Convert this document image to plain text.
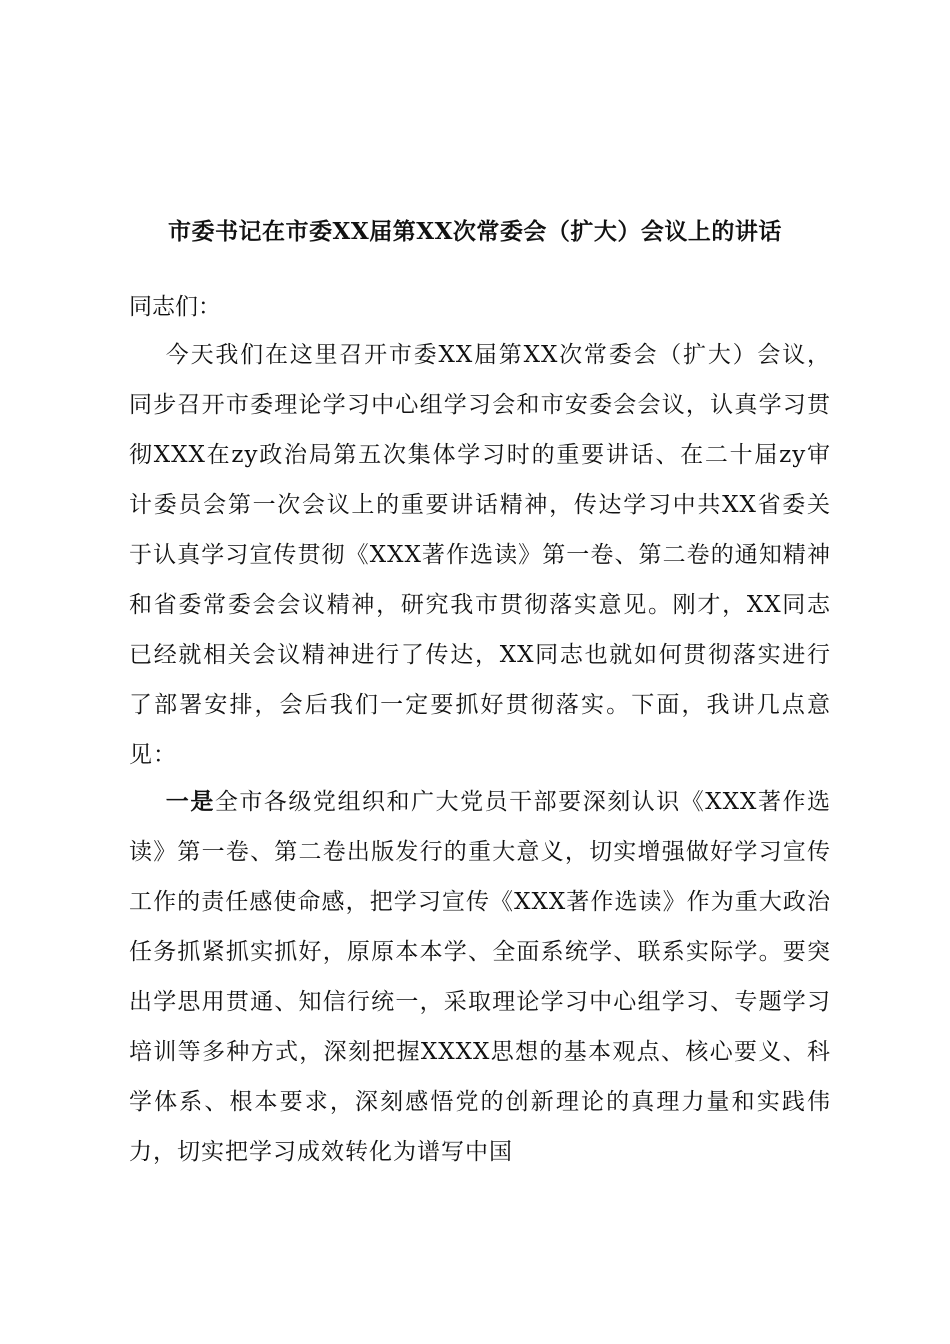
市委书记在市委XX届第XX次常委会（扩大）会议上的讲话
同志们：

今天我们在这里召开市委XX届第XX次常委会（扩大）会议，同步召开市委理论学习中心组学习会和市安委会会议，认真学习贯彻XXX在zy政治局第五次集体学习时的重要讲话、在二十届zy审计委员会第一次会议上的重要讲话精神，传达学习中共XX省委关于认真学习宣传贯彻《XXX著作选读》第一卷、第二卷的通知精神和省委常委会会议精神，研究我市贯彻落实意见。刚才，XX同志已经就相关会议精神进行了传达，XX同志也就如何贯彻落实进行了部署安排，会后我们一定要抓好贯彻落实。下面，我讲几点意见：

一是全市各级党组织和广大党员干部要深刻认识《XXX著作选读》第一卷、第二卷出版发行的重大意义，切实增强做好学习宣传工作的责任感使命感，把学习宣传《XXX著作选读》作为重大政治任务抓紧抓实抓好，原原本本学、全面系统学、联系实际学。要突出学思用贯通、知信行统一，采取理论学习中心组学习、专题学习培训等多种方式，深刻把握XXXX思想的基本观点、核心要义、科学体系、根本要求，深刻感悟党的创新理论的真理力量和实践伟力，切实把学习成效转化为谱写中国
